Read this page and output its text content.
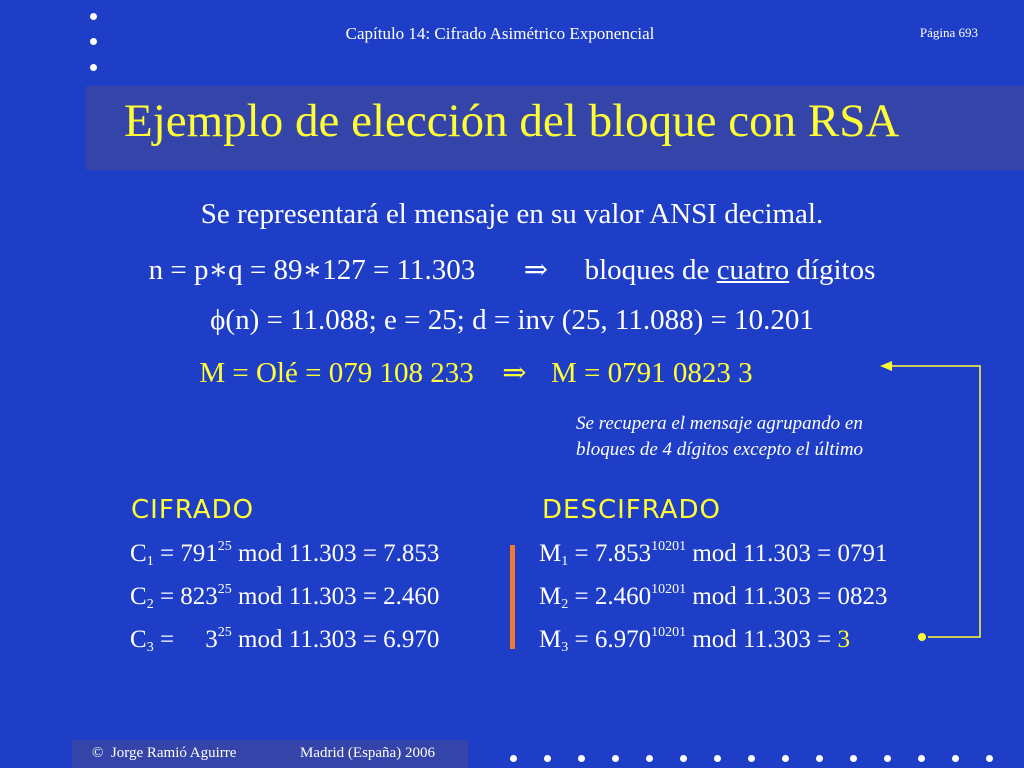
Capítulo 14: Cifrado Asimétrico Exponencial	Página 693
Ejemplo de elección del bloque con RSA
Se representará el mensaje en su valor ANSI decimal.
n = p∗q = 89∗127 = 11.303 ⇒ bloques de cuatro dígitos
ϕ(n) = 11.088; e = 25; d = inv (25, 11.088) = 10.201
M = Olé = 079 108 233 ⇒ M = 0791 0823 3
Se recupera el mensaje agrupando en
bloques de 4 dígitos excepto el último
CIFRADO	DESCIFRADO
$C_1 = 791^{25}$ mod 11.303 = 7.853
$C_2 = 823^{25}$ mod 11.303 = 2.460
$C_3$ =     $3^{25}$ mod 11.303 = 6.970
$M_1 = 7.853^{10201}$ mod 11.303 = 0791
$M_2 = 2.460^{10201}$ mod 11.303 = 0823
$M_3 = 6.970^{10201}$ mod 11.303 = 3
© Jorge Ramió Aguirre	Madrid (España) 2006
